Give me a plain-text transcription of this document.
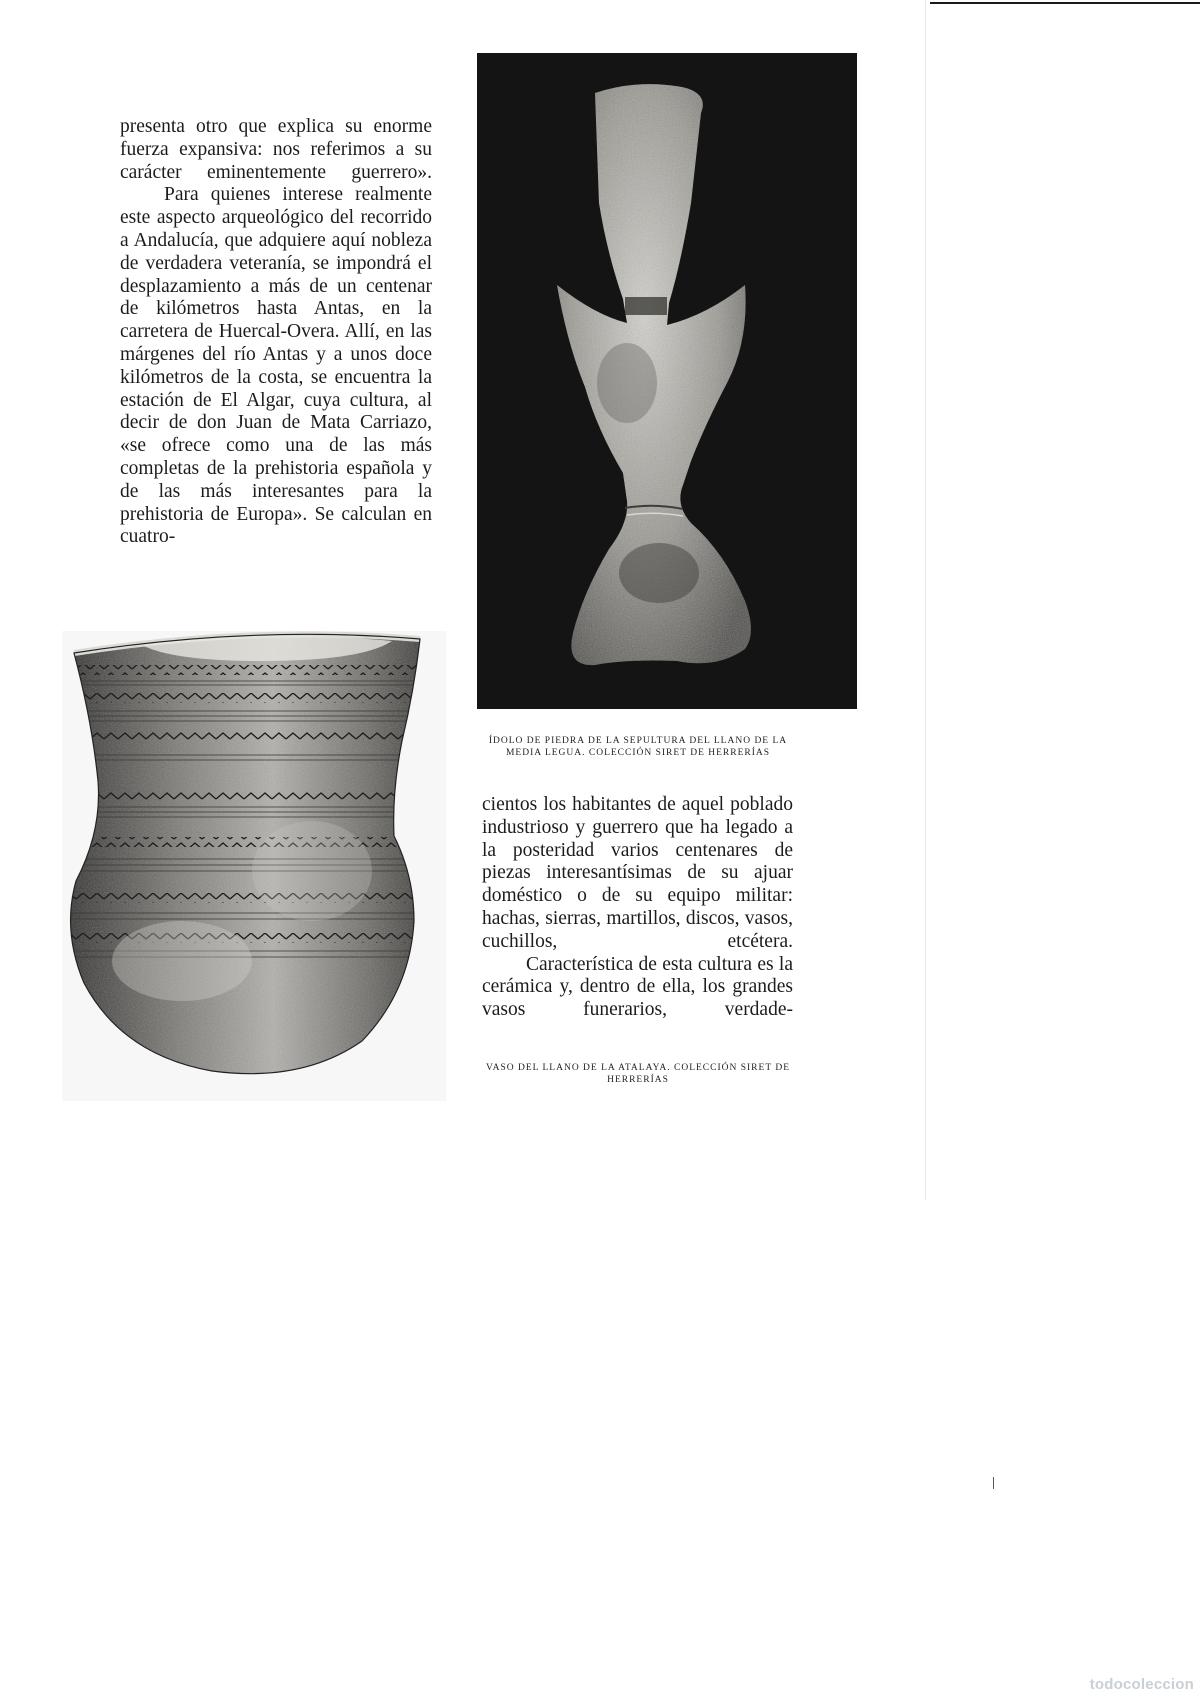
presenta otro que explica su enorme fuerza expansiva: nos referimos a su carácter eminentemente guerrero».

Para quienes interese realmente este aspecto arqueológico del recorrido a Andalucía, que adquiere aquí nobleza de verdadera veteranía, se impondrá el desplazamiento a más de un centenar de kilómetros hasta Antas, en la carretera de Huercal-Overa. Allí, en las márgenes del río Antas y a unos doce kilómetros de la costa, se encuentra la estación de El Algar, cuya cultura, al decir de don Juan de Mata Carriazo, «se ofrece como una de las más completas de la prehistoria española y de las más interesantes para la prehistoria de Europa». Se calculan en cuatro-

ÍDOLO DE PIEDRA DE LA SEPULTURA DEL LLANO DE LA MEDIA LEGUA. COLECCIÓN SIRET DE HERRERÍAS

cientos los habitantes de aquel poblado industrioso y guerrero que ha legado a la posteridad varios centenares de piezas interesantísimas de su ajuar doméstico o de su equipo militar: hachas, sierras, martillos, discos, vasos, cuchillos, etcétera.

Característica de esta cultura es la cerámica y, dentro de ella, los grandes vasos funerarios, verdade-

VASO DEL LLANO DE LA ATALAYA. COLECCIÓN SIRET DE HERRERÍAS
todocoleccion
